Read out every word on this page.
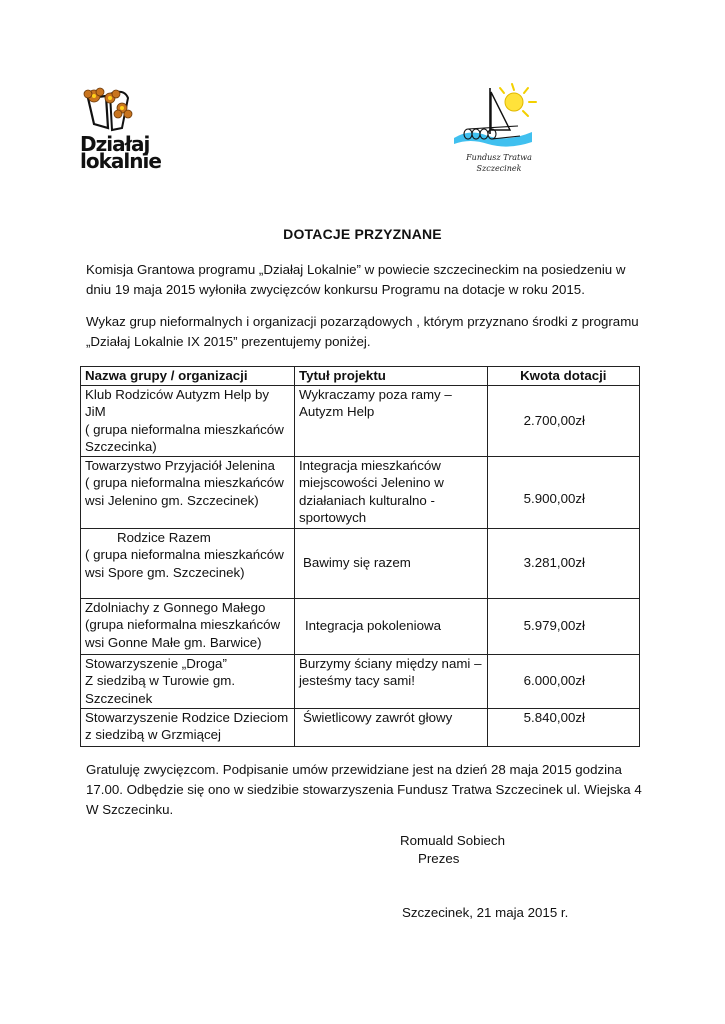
Działaj
lokalnie	Fundusz Tratwa
Szczecinek
DOTACJE PRZYZNANE
Komisja Grantowa programu „Działaj Lokalnie” w powiecie szczecineckim na posiedzeniu w dniu 19 maja 2015 wyłoniła zwycięzców konkursu Programu na dotacje w roku 2015.
Wykaz grup nieformalnych i organizacji pozarządowych , którym przyznano środki z programu „Działaj Lokalnie IX 2015” prezentujemy poniżej.
Nazwa grupy / organizacji	Tytuł projektu	Kwota dotacji

Klub Rodziców Autyzm Help by JiM
( grupa nieformalna mieszkańców Szczecinka)	Wykraczamy poza ramy – Autyzm Help	2.700,00zł

Towarzystwo Przyjaciół Jelenina
( grupa nieformalna mieszkańców wsi Jelenino gm. Szczecinek)	Integracja mieszkańców miejscowości Jelenino w działaniach kulturalno - sportowych	5.900,00zł

Rodzice Razem
( grupa nieformalna mieszkańców wsi Spore gm. Szczecinek)	Bawimy się razem	3.281,00zł

Zdolniachy z Gonnego Małego
(grupa nieformalna mieszkańców wsi Gonne Małe gm. Barwice)	Integracja pokoleniowa	5.979,00zł

Stowarzyszenie „Droga”
Z siedzibą w Turowie gm. Szczecinek	Burzymy ściany między nami – jesteśmy tacy sami!	6.000,00zł

Stowarzyszenie Rodzice Dzieciom
z siedzibą w Grzmiącej	Świetlicowy zawrót głowy	5.840,00zł
Gratuluję zwycięzcom. Podpisanie umów przewidziane jest na dzień 28 maja 2015 godzina 17.00. Odbędzie się ono w siedzibie stowarzyszenia Fundusz Tratwa Szczecinek ul. Wiejska 4 W Szczecinku.
Romuald Sobiech
Prezes
Szczecinek, 21 maja 2015 r.
